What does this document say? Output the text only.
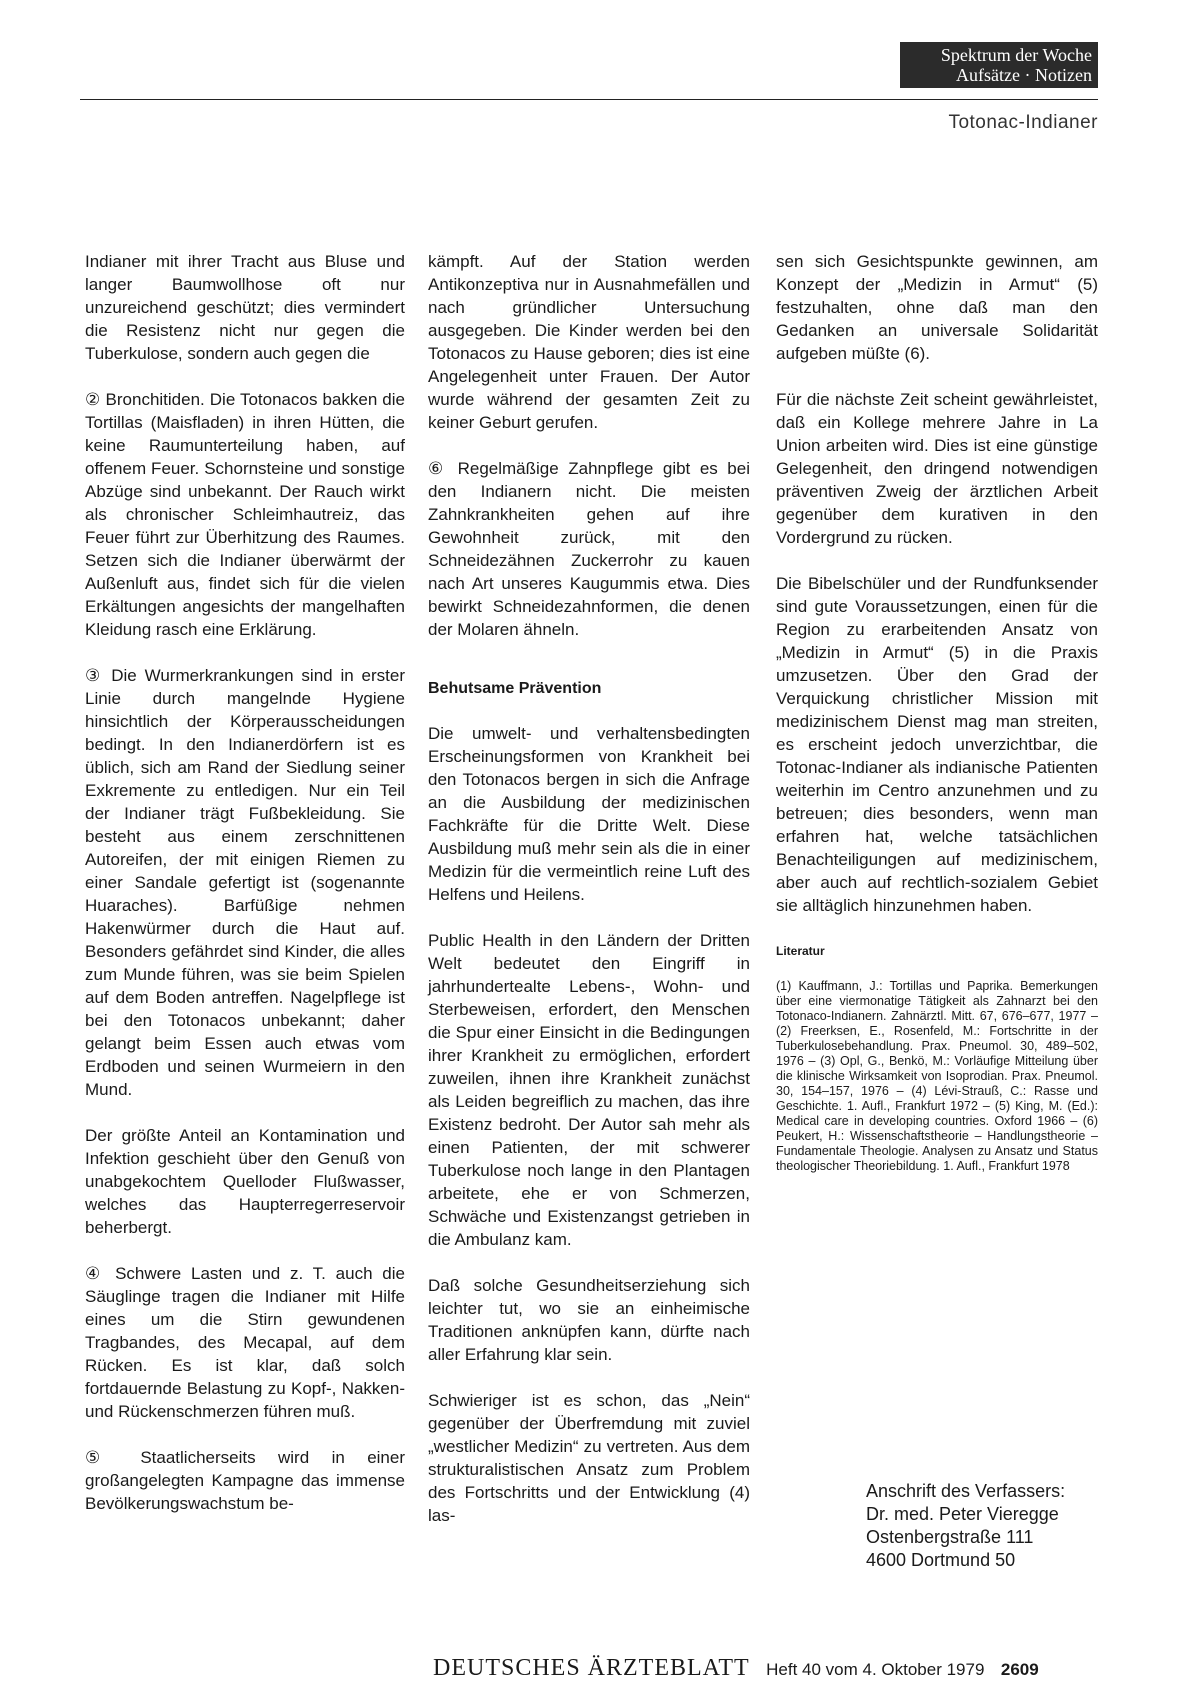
Spektrum der Woche
Aufsätze · Notizen
Totonac-Indianer

Indianer mit ihrer Tracht aus Bluse und langer Baumwollhose oft nur unzureichend geschützt; dies vermindert die Resistenz nicht nur gegen die Tuberkulose, sondern auch gegen die

② Bronchitiden. Die Totonacos bakken die Tortillas (Maisfladen) in ihren Hütten, die keine Raumunterteilung haben, auf offenem Feuer. Schornsteine und sonstige Abzüge sind unbekannt. Der Rauch wirkt als chronischer Schleimhautreiz, das Feuer führt zur Überhitzung des Raumes. Setzen sich die Indianer überwärmt der Außenluft aus, findet sich für die vielen Erkältungen angesichts der mangelhaften Kleidung rasch eine Erklärung.

③ Die Wurmerkrankungen sind in erster Linie durch mangelnde Hygiene hinsichtlich der Körperausscheidungen bedingt. In den Indianerdörfern ist es üblich, sich am Rand der Siedlung seiner Exkremente zu entledigen. Nur ein Teil der Indianer trägt Fußbekleidung. Sie besteht aus einem zerschnittenen Autoreifen, der mit einigen Riemen zu einer Sandale gefertigt ist (sogenannte Huaraches). Barfüßige nehmen Hakenwürmer durch die Haut auf. Besonders gefährdet sind Kinder, die alles zum Munde führen, was sie beim Spielen auf dem Boden antreffen. Nagelpflege ist bei den Totonacos unbekannt; daher gelangt beim Essen auch etwas vom Erdboden und seinen Wurmeiern in den Mund.

Der größte Anteil an Kontamination und Infektion geschieht über den Genuß von unabgekochtem Quelloder Flußwasser, welches das Haupterregerreservoir beherbergt.

④ Schwere Lasten und z. T. auch die Säuglinge tragen die Indianer mit Hilfe eines um die Stirn gewundenen Tragbandes, des Mecapal, auf dem Rücken. Es ist klar, daß solch fortdauernde Belastung zu Kopf-, Nakken- und Rückenschmerzen führen muß.

⑤ Staatlicherseits wird in einer großangelegten Kampagne das immense Bevölkerungswachstum be-

kämpft. Auf der Station werden Antikonzeptiva nur in Ausnahmefällen und nach gründlicher Untersuchung ausgegeben. Die Kinder werden bei den Totonacos zu Hause geboren; dies ist eine Angelegenheit unter Frauen. Der Autor wurde während der gesamten Zeit zu keiner Geburt gerufen.

⑥ Regelmäßige Zahnpflege gibt es bei den Indianern nicht. Die meisten Zahnkrankheiten gehen auf ihre Gewohnheit zurück, mit den Schneidezähnen Zuckerrohr zu kauen nach Art unseres Kaugummis etwa. Dies bewirkt Schneidezahnformen, die denen der Molaren ähneln.

Behutsame Prävention

Die umwelt- und verhaltensbedingten Erscheinungsformen von Krankheit bei den Totonacos bergen in sich die Anfrage an die Ausbildung der medizinischen Fachkräfte für die Dritte Welt. Diese Ausbildung muß mehr sein als die in einer Medizin für die vermeintlich reine Luft des Helfens und Heilens.

Public Health in den Ländern der Dritten Welt bedeutet den Eingriff in jahrhundertealte Lebens-, Wohn- und Sterbeweisen, erfordert, den Menschen die Spur einer Einsicht in die Bedingungen ihrer Krankheit zu ermöglichen, erfordert zuweilen, ihnen ihre Krankheit zunächst als Leiden begreiflich zu machen, das ihre Existenz bedroht. Der Autor sah mehr als einen Patienten, der mit schwerer Tuberkulose noch lange in den Plantagen arbeitete, ehe er von Schmerzen, Schwäche und Existenzangst getrieben in die Ambulanz kam.

Daß solche Gesundheitserziehung sich leichter tut, wo sie an einheimische Traditionen anknüpfen kann, dürfte nach aller Erfahrung klar sein.

Schwieriger ist es schon, das „Nein“ gegenüber der Überfremdung mit zuviel „westlicher Medizin“ zu vertreten. Aus dem strukturalistischen Ansatz zum Problem des Fortschritts und der Entwicklung (4) las-

sen sich Gesichtspunkte gewinnen, am Konzept der „Medizin in Armut“ (5) festzuhalten, ohne daß man den Gedanken an universale Solidarität aufgeben müßte (6).

Für die nächste Zeit scheint gewährleistet, daß ein Kollege mehrere Jahre in La Union arbeiten wird. Dies ist eine günstige Gelegenheit, den dringend notwendigen präventiven Zweig der ärztlichen Arbeit gegenüber dem kurativen in den Vordergrund zu rücken.

Die Bibelschüler und der Rundfunksender sind gute Voraussetzungen, einen für die Region zu erarbeitenden Ansatz von „Medizin in Armut“ (5) in die Praxis umzusetzen. Über den Grad der Verquickung christlicher Mission mit medizinischem Dienst mag man streiten, es erscheint jedoch unverzichtbar, die Totonac-Indianer als indianische Patienten weiterhin im Centro anzunehmen und zu betreuen; dies besonders, wenn man erfahren hat, welche tatsächlichen Benachteiligungen auf medizinischem, aber auch auf rechtlich-sozialem Gebiet sie alltäglich hinzunehmen haben.

Literatur

(1) Kauffmann, J.: Tortillas und Paprika. Bemerkungen über eine viermonatige Tätigkeit als Zahnarzt bei den Totonaco-Indianern. Zahnärztl. Mitt. 67, 676–677, 1977 – (2) Freerksen, E., Rosenfeld, M.: Fortschritte in der Tuberkulosebehandlung. Prax. Pneumol. 30, 489–502, 1976 – (3) Opl, G., Benkö, M.: Vorläufige Mitteilung über die klinische Wirksamkeit von Isoprodian. Prax. Pneumol. 30, 154–157, 1976 – (4) Lévi-Strauß, C.: Rasse und Geschichte. 1. Aufl., Frankfurt 1972 – (5) King, M. (Ed.): Medical care in developing countries. Oxford 1966 – (6) Peukert, H.: Wissenschaftstheorie – Handlungstheorie – Fundamentale Theologie. Analysen zu Ansatz und Status theologischer Theoriebildung. 1. Aufl., Frankfurt 1978

Anschrift des Verfassers:
Dr. med. Peter Vieregge
Ostenbergstraße 111
4600 Dortmund 50
DEUTSCHES ÄRZTEBLATT Heft 40 vom 4. Oktober 1979 2609
